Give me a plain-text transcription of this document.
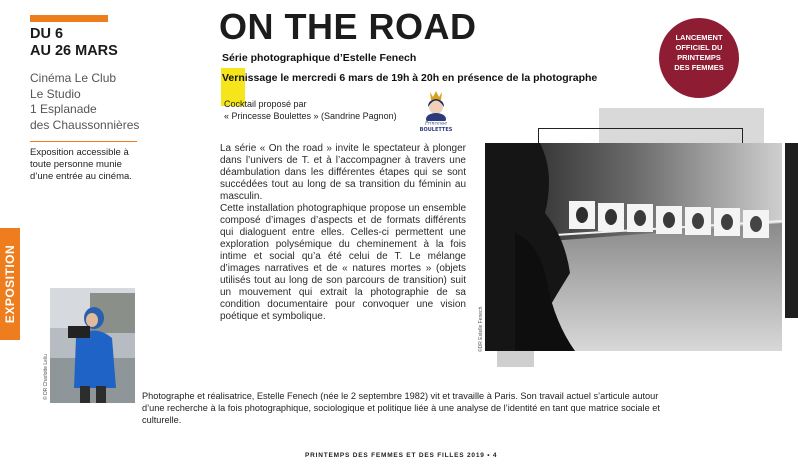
DU 6
AU 26 MARS
Cinéma Le Club
Le Studio
1 Esplanade
des Chaussonnières
Exposition accessible à toute personne munie d’une entrée au cinéma.
EXPOSITION
© DR Charlotte Leliu
ON THE ROAD
Série photographique d’Estelle Fenech
Vernissage le mercredi 6 mars de 19h à 20h en présence de la photographe
Cocktail proposé par
« Princesse Boulettes » (Sandrine Pagnon)
Princesse
BOULETTES
LANCEMENT
OFFICIEL DU
PRINTEMPS
DES FEMMES

La série « On the road » invite le spectateur à plonger dans l’univers de T. et à l’accompagner à travers une déambulation dans les différentes étapes qui se sont succédées tout au long de sa transition du féminin au masculin.

Cette installation photographique propose un ensemble composé d’images d’aspects et de formats différents qui dialoguent entre elles. Celles-ci permettent une exploration polysémique du cheminement à la fois intime et social qu’a été celui de T. Le mélange d’images narratives et de « natures mortes » (objets utilisés tout au long de son parcours de transition) suit un mouvement qui extrait la photographie de sa condition documentaire pour convoquer une vision poétique et symbolique.	©DR Estelle Fenech
Photographe et réalisatrice, Estelle Fenech (née le 2 septembre 1982) vit et travaille à Paris. Son travail actuel s’articule autour d’une recherche à la fois photographique, sociologique et politique liée à une analyse de l’identité en tant que matrice sociale et culturelle.
PRINTEMPS DES FEMMES ET DES FILLES 2019 • 4
